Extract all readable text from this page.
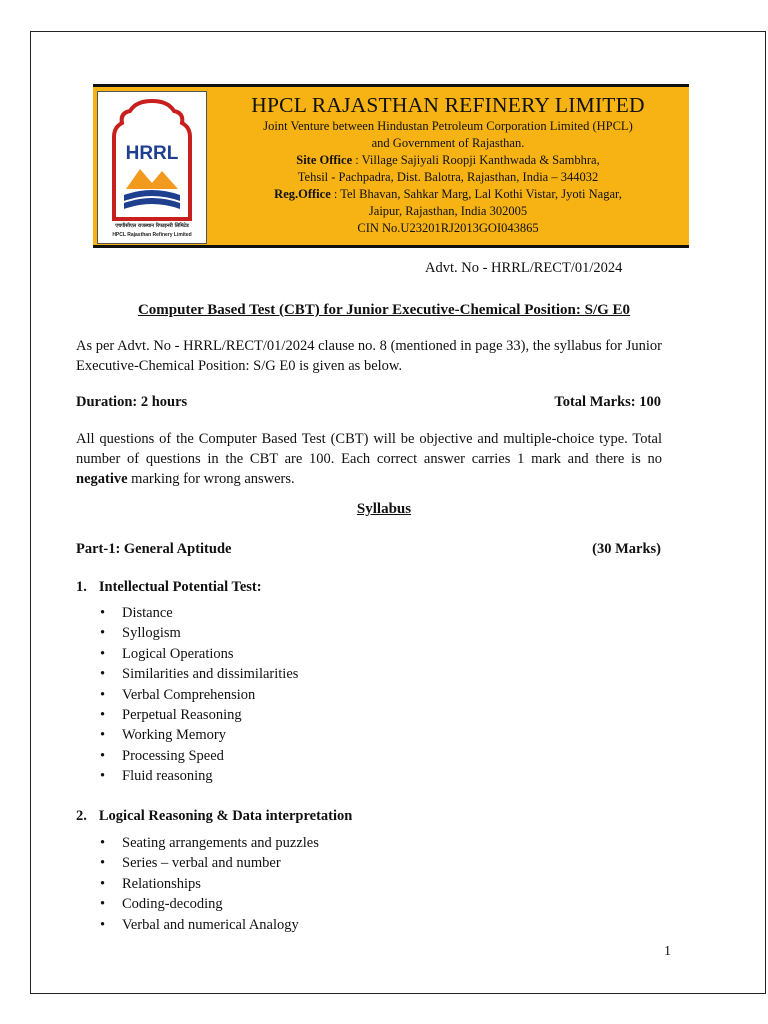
HRRL
एचपीसीएल राजस्थान रिफाइनरी लिमिटेड
HPCL Rajasthan Refinery Limited
HPCL RAJASTHAN REFINERY LIMITED
Joint Venture between Hindustan Petroleum Corporation Limited (HPCL)
and Government of Rajasthan.
Site Office : Village Sajiyali Roopji Kanthwada & Sambhra,
Tehsil - Pachpadra, Dist. Balotra, Rajasthan, India – 344032
Reg.Office : Tel Bhavan, Sahkar Marg, Lal Kothi Vistar, Jyoti Nagar,
Jaipur, Rajasthan, India 302005
CIN No.U23201RJ2013GOI043865
Advt. No - HRRL/RECT/01/2024
Computer Based Test (CBT) for Junior Executive-Chemical Position: S/G E0
As per Advt. No - HRRL/RECT/01/2024 clause no. 8 (mentioned in page 33), the syllabus for Junior Executive-Chemical Position: S/G E0 is given as below.
Duration: 2 hours	Total Marks: 100
All questions of the Computer Based Test (CBT) will be objective and multiple-choice type. Total number of questions in the CBT are 100. Each correct answer carries 1 mark and there is no negative marking for wrong answers.
Syllabus
Part-1: General Aptitude	(30 Marks)
1. Intellectual Potential Test:
• Distance
• Syllogism
• Logical Operations
• Similarities and dissimilarities
• Verbal Comprehension
• Perpetual Reasoning
• Working Memory
• Processing Speed
• Fluid reasoning
2. Logical Reasoning & Data interpretation
• Seating arrangements and puzzles
• Series – verbal and number
• Relationships
• Coding-decoding
• Verbal and numerical Analogy
1
